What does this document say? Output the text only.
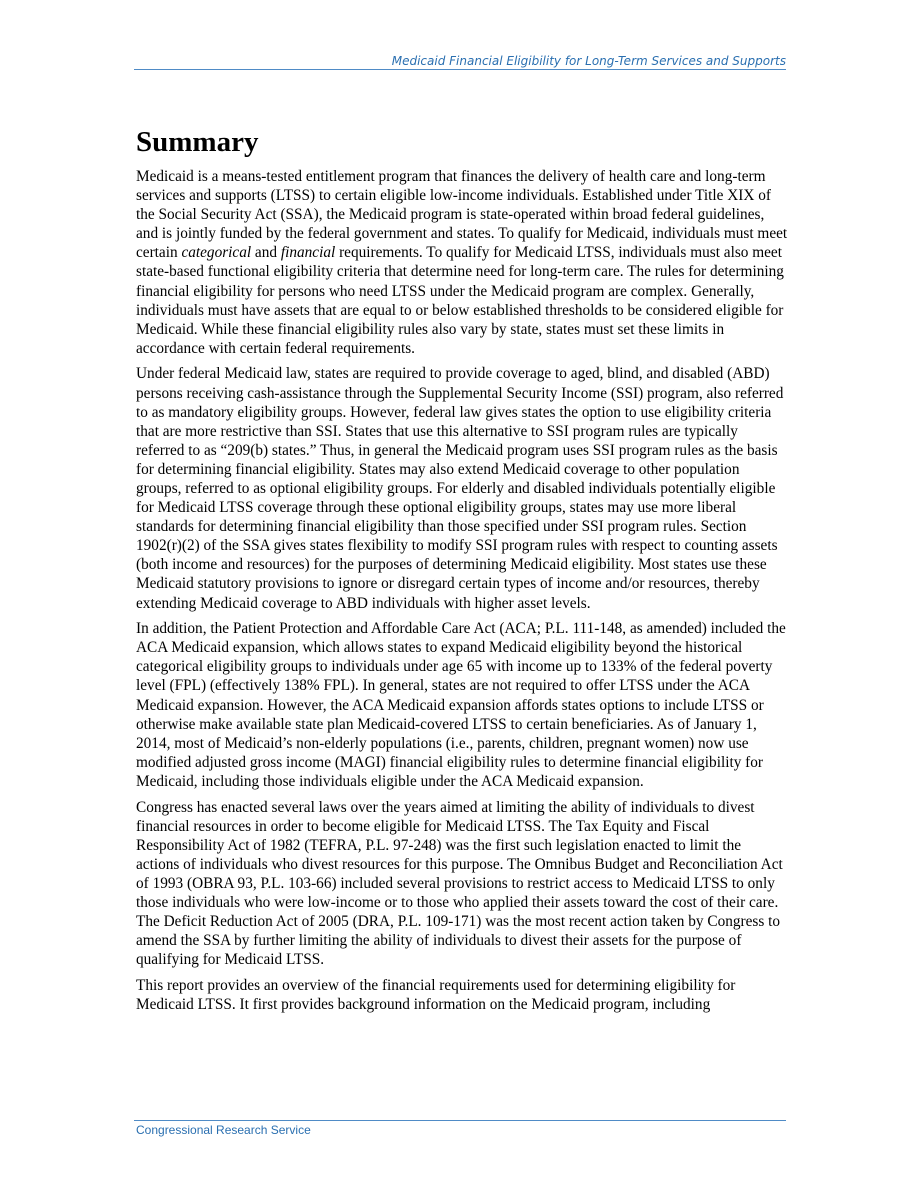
Medicaid Financial Eligibility for Long-Term Services and Supports
Summary

Medicaid is a means-tested entitlement program that finances the delivery of health care and long-term services and supports (LTSS) to certain eligible low-income individuals. Established under Title XIX of the Social Security Act (SSA), the Medicaid program is state-operated within broad federal guidelines, and is jointly funded by the federal government and states. To qualify for Medicaid, individuals must meet certain categorical and financial requirements. To qualify for Medicaid LTSS, individuals must also meet state-based functional eligibility criteria that determine need for long-term care. The rules for determining financial eligibility for persons who need LTSS under the Medicaid program are complex. Generally, individuals must have assets that are equal to or below established thresholds to be considered eligible for Medicaid. While these financial eligibility rules also vary by state, states must set these limits in accordance with certain federal requirements.

Under federal Medicaid law, states are required to provide coverage to aged, blind, and disabled (ABD) persons receiving cash-assistance through the Supplemental Security Income (SSI) program, also referred to as mandatory eligibility groups. However, federal law gives states the option to use eligibility criteria that are more restrictive than SSI. States that use this alternative to SSI program rules are typically referred to as “209(b) states.” Thus, in general the Medicaid program uses SSI program rules as the basis for determining financial eligibility. States may also extend Medicaid coverage to other population groups, referred to as optional eligibility groups. For elderly and disabled individuals potentially eligible for Medicaid LTSS coverage through these optional eligibility groups, states may use more liberal standards for determining financial eligibility than those specified under SSI program rules. Section 1902(r)(2) of the SSA gives states flexibility to modify SSI program rules with respect to counting assets (both income and resources) for the purposes of determining Medicaid eligibility. Most states use these Medicaid statutory provisions to ignore or disregard certain types of income and/or resources, thereby extending Medicaid coverage to ABD individuals with higher asset levels.

In addition, the Patient Protection and Affordable Care Act (ACA; P.L. 111-148, as amended) included the ACA Medicaid expansion, which allows states to expand Medicaid eligibility beyond the historical categorical eligibility groups to individuals under age 65 with income up to 133% of the federal poverty level (FPL) (effectively 138% FPL). In general, states are not required to offer LTSS under the ACA Medicaid expansion. However, the ACA Medicaid expansion affords states options to include LTSS or otherwise make available state plan Medicaid-covered LTSS to certain beneficiaries. As of January 1, 2014, most of Medicaid’s non-elderly populations (i.e., parents, children, pregnant women) now use modified adjusted gross income (MAGI) financial eligibility rules to determine financial eligibility for Medicaid, including those individuals eligible under the ACA Medicaid expansion.

Congress has enacted several laws over the years aimed at limiting the ability of individuals to divest financial resources in order to become eligible for Medicaid LTSS. The Tax Equity and Fiscal Responsibility Act of 1982 (TEFRA, P.L. 97-248) was the first such legislation enacted to limit the actions of individuals who divest resources for this purpose. The Omnibus Budget and Reconciliation Act of 1993 (OBRA 93, P.L. 103-66) included several provisions to restrict access to Medicaid LTSS to only those individuals who were low-income or to those who applied their assets toward the cost of their care. The Deficit Reduction Act of 2005 (DRA, P.L. 109-171) was the most recent action taken by Congress to amend the SSA by further limiting the ability of individuals to divest their assets for the purpose of qualifying for Medicaid LTSS.

This report provides an overview of the financial requirements used for determining eligibility for Medicaid LTSS. It first provides background information on the Medicaid program, including

Congressional Research Service
